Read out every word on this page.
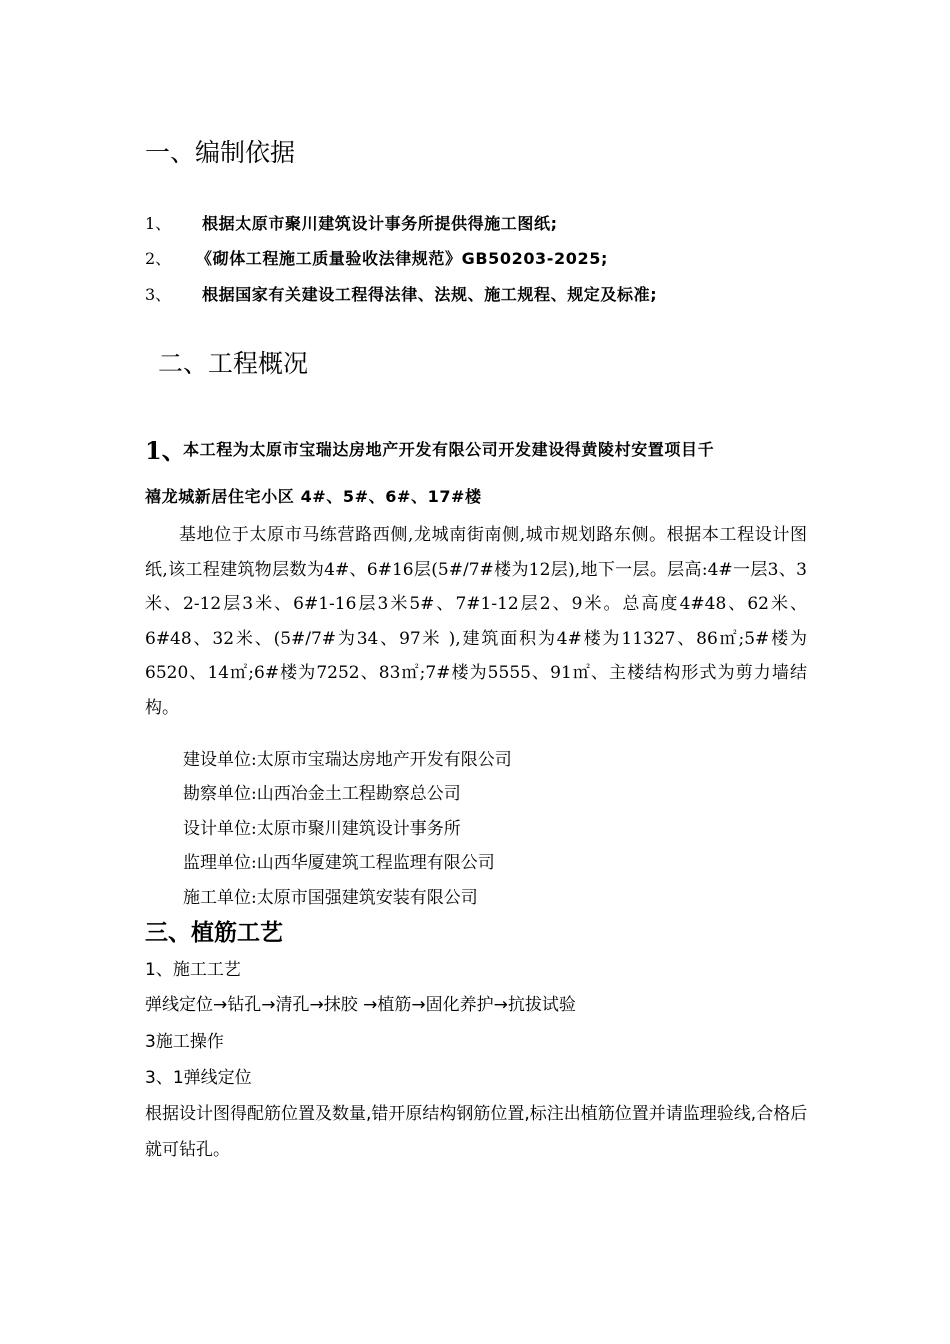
一、编制依据
1、 根据太原市聚川建筑设计事务所提供得施工图纸;
2、 《砌体工程施工质量验收法律规范》GB50203-2025;
3、 根据国家有关建设工程得法律、法规、施工规程、规定及标准;
二、工程概况
1、
本工程为太原市宝瑞达房地产开发有限公司开发建设得黄陵村安置项目千
禧龙城新居住宅小区 4#、5#、6#、17#楼
基地位于太原市马练营路西侧,龙城南街南侧,城市规划路东侧。根据本工程设计图纸,该工程建筑物层数为4#、6#16层(5#/7#楼为12层),地下一层。层高:4#一层3、3米、2-12层3米、6#1-16层3米5#、7#1-12层2、9米。总高度4#48、62米、6#48、32米、(5#/7#为34、97米 ),建筑面积为4#楼为11327、86㎡;5#楼为6520、14㎡;6#楼为7252、83㎡;7#楼为5555、91㎡、主楼结构形式为剪力墙结构。
建设单位:太原市宝瑞达房地产开发有限公司
勘察单位:山西冶金土工程勘察总公司
设计单位:太原市聚川建筑设计事务所
监理单位:山西华厦建筑工程监理有限公司
施工单位:太原市国强建筑安装有限公司
三、植筋工艺
1、施工工艺
弹线定位→钻孔→清孔→抹胶 →植筋→固化养护→抗拔试验
3施工操作
3、1弹线定位
根据设计图得配筋位置及数量,错开原结构钢筋位置,标注出植筋位置并请监理验线,合格后就可钻孔。
